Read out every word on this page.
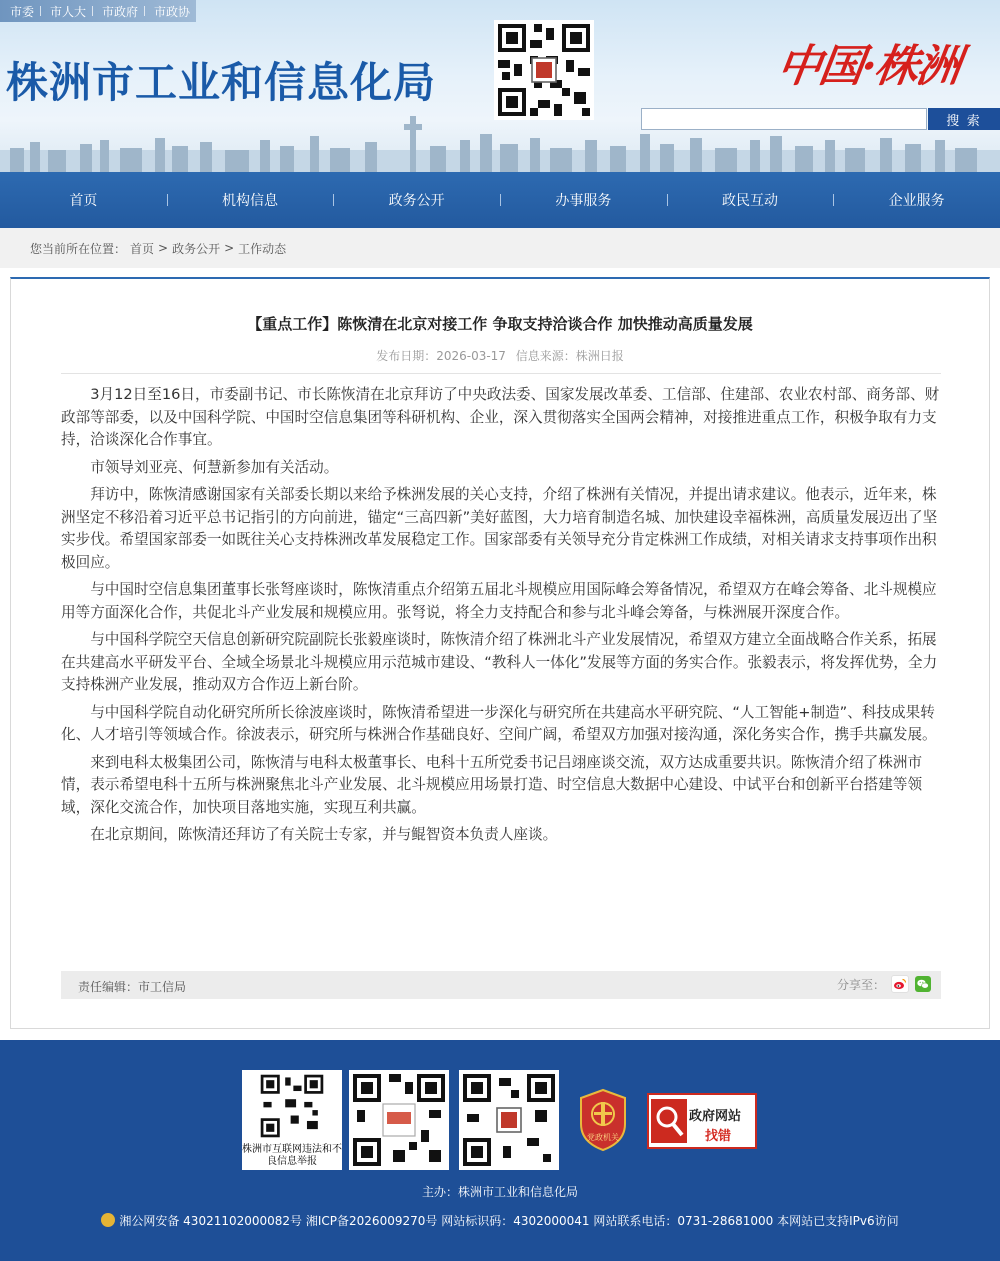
市委	市人大	市政府	市政协
株洲市工业和信息化局	中国·株洲
搜 索
首页	机构信息	政务公开	办事服务	政民互动	企业服务
您当前所在位置： 首页 > 政务公开 > 工作动态
【重点工作】陈恢清在北京对接工作 争取支持洽谈合作 加快推动高质量发展
发布日期：2026-03-17 信息来源：株洲日报

3月12日至16日，市委副书记、市长陈恢清在北京拜访了中央政法委、国家发展改革委、工信部、住建部、农业农村部、商务部、财政部等部委，以及中国科学院、中国时空信息集团等科研机构、企业，深入贯彻落实全国两会精神，对接推进重点工作，积极争取有力支持，洽谈深化合作事宜。

市领导刘亚亮、何慧新参加有关活动。

拜访中，陈恢清感谢国家有关部委长期以来给予株洲发展的关心支持，介绍了株洲有关情况，并提出请求建议。他表示，近年来，株洲坚定不移沿着习近平总书记指引的方向前进，锚定“三高四新”美好蓝图，大力培育制造名城、加快建设幸福株洲，高质量发展迈出了坚实步伐。希望国家部委一如既往关心支持株洲改革发展稳定工作。国家部委有关领导充分肯定株洲工作成绩，对相关请求支持事项作出积极回应。

与中国时空信息集团董事长张弩座谈时，陈恢清重点介绍第五届北斗规模应用国际峰会筹备情况，希望双方在峰会筹备、北斗规模应用等方面深化合作，共促北斗产业发展和规模应用。张弩说，将全力支持配合和参与北斗峰会筹备，与株洲展开深度合作。

与中国科学院空天信息创新研究院副院长张毅座谈时，陈恢清介绍了株洲北斗产业发展情况，希望双方建立全面战略合作关系，拓展在共建高水平研发平台、全域全场景北斗规模应用示范城市建设、“教科人一体化”发展等方面的务实合作。张毅表示，将发挥优势，全力支持株洲产业发展，推动双方合作迈上新台阶。

与中国科学院自动化研究所所长徐波座谈时，陈恢清希望进一步深化与研究所在共建高水平研究院、“人工智能+制造”、科技成果转化、人才培引等领域合作。徐波表示，研究所与株洲合作基础良好、空间广阔，希望双方加强对接沟通，深化务实合作，携手共赢发展。

来到电科太极集团公司，陈恢清与电科太极董事长、电科十五所党委书记吕翊座谈交流，双方达成重要共识。陈恢清介绍了株洲市情，表示希望电科十五所与株洲聚焦北斗产业发展、北斗规模应用场景打造、时空信息大数据中心建设、中试平台和创新平台搭建等领域，深化交流合作，加快项目落地实施，实现互利共赢。

在北京期间，陈恢清还拜访了有关院士专家，并与鲲智资本负责人座谈。

责任编辑：市工信局	分享至：
株洲市互联网违法和不良信息举报
党政机关
政府网站
找错
主办：株洲市工业和信息化局
湘公网安备 43021102000082号 湘ICP备2026009270号 网站标识码：4302000041 网站联系电话：0731-28681000 本网站已支持IPv6访问
